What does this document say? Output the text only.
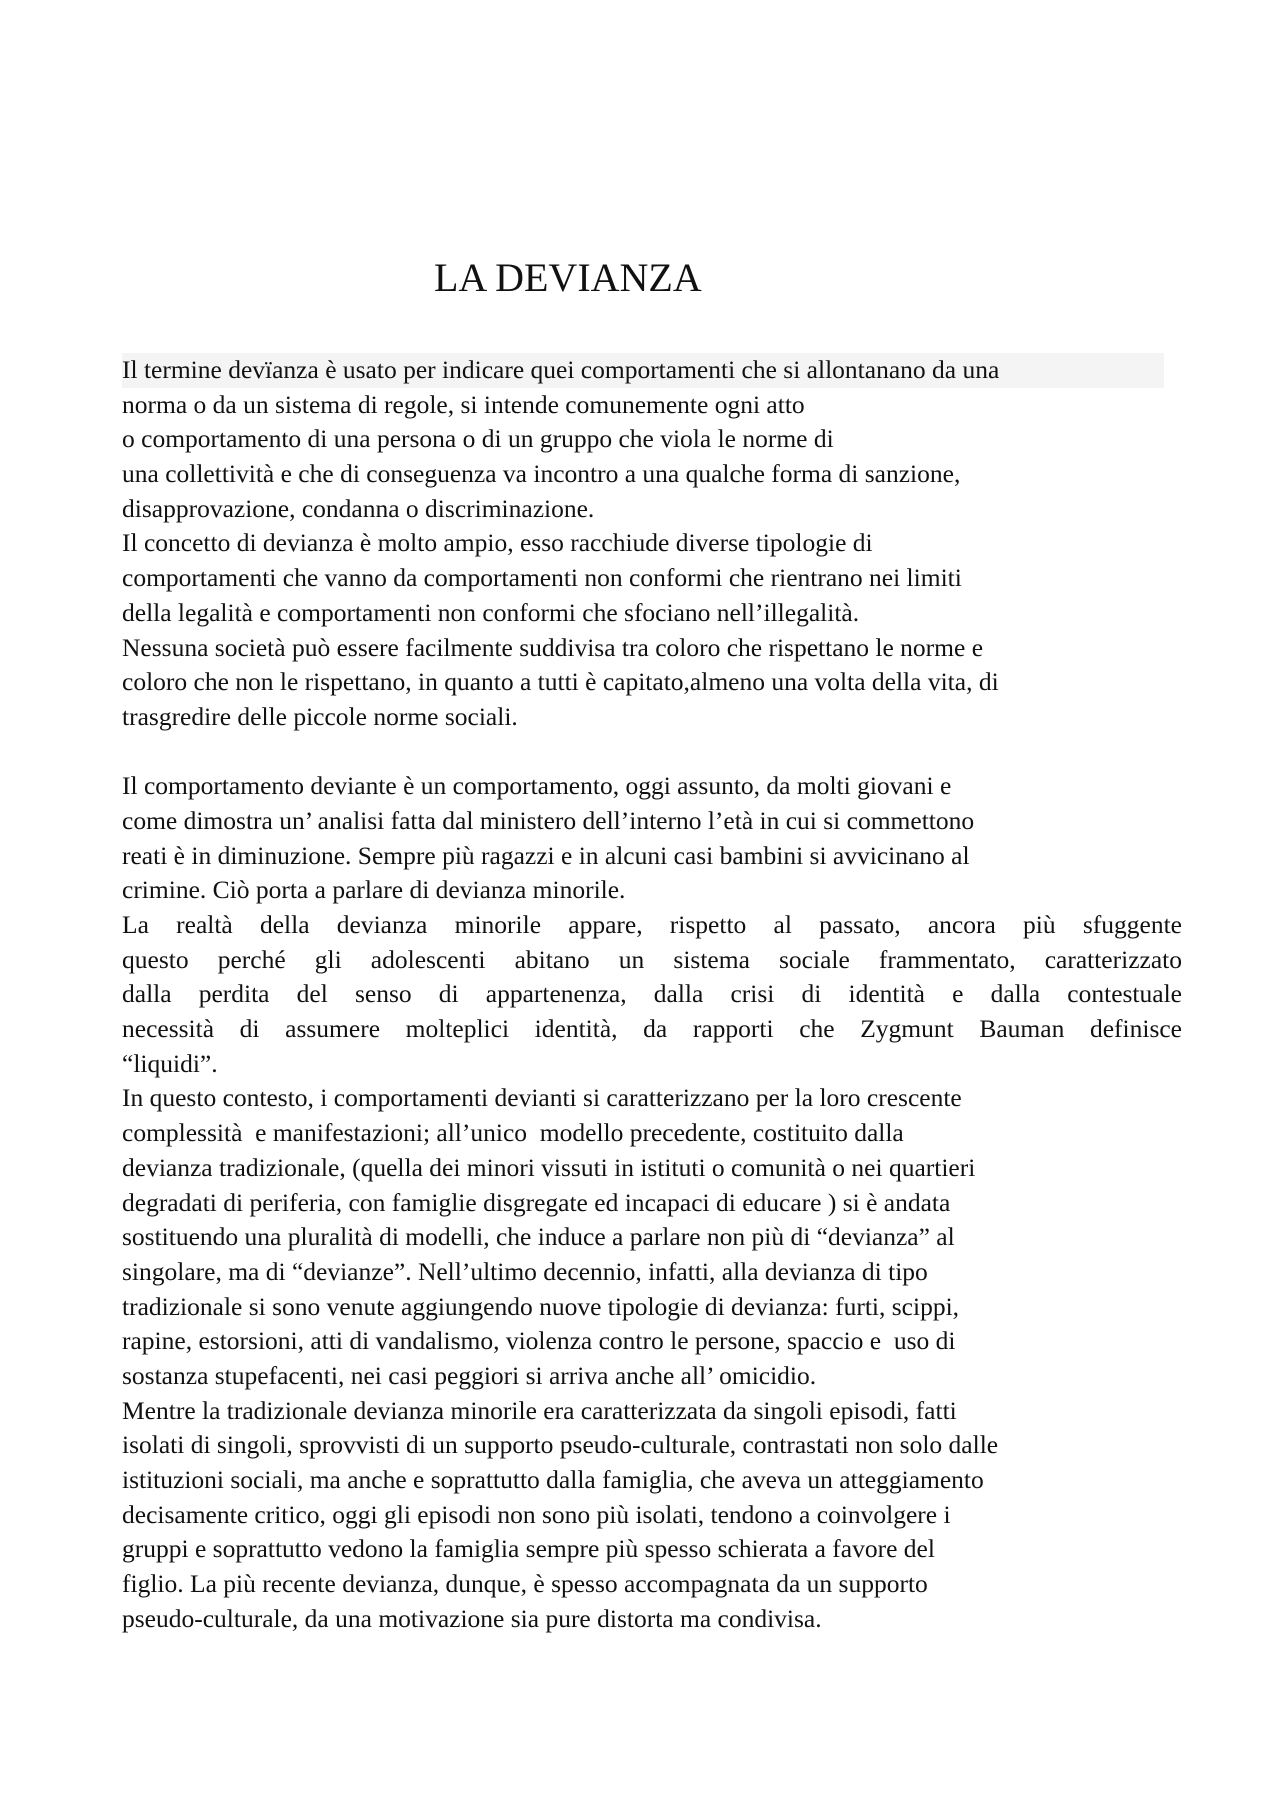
LA DEVIANZA
Il termine devïanza è usato per indicare quei comportamenti che si allontanano da una
norma o da un sistema di regole, si intende comunemente ogni atto
o comportamento di una persona o di un gruppo che viola le norme di
una collettività e che di conseguenza va incontro a una qualche forma di sanzione,
disapprovazione, condanna o discriminazione.
Il concetto di devianza è molto ampio, esso racchiude diverse tipologie di
comportamenti che vanno da comportamenti non conformi che rientrano nei limiti
della legalità e comportamenti non conformi che sfociano nell’illegalità.
Nessuna società può essere facilmente suddivisa tra coloro che rispettano le norme e
coloro che non le rispettano, in quanto a tutti è capitato,almeno una volta della vita, di
trasgredire delle piccole norme sociali.
Il comportamento deviante è un comportamento, oggi assunto, da molti giovani e
come dimostra un’ analisi fatta dal ministero dell’interno l’età in cui si commettono
reati è in diminuzione. Sempre più ragazzi e in alcuni casi bambini si avvicinano al
crimine. Ciò porta a parlare di devianza minorile.
La realtà della devianza minorile appare, rispetto al passato, ancora più sfuggente
questo perché gli adolescenti abitano un sistema sociale frammentato, caratterizzato
dalla perdita del senso di appartenenza, dalla crisi di identità e dalla contestuale
necessità di assumere molteplici identità, da rapporti che Zygmunt Bauman definisce
“liquidi”.
In questo contesto, i comportamenti devianti si caratterizzano per la loro crescente
complessità  e manifestazioni; all’unico  modello precedente, costituito dalla
devianza tradizionale, (quella dei minori vissuti in istituti o comunità o nei quartieri
degradati di periferia, con famiglie disgregate ed incapaci di educare ) si è andata
sostituendo una pluralità di modelli, che induce a parlare non più di “devianza” al
singolare, ma di “devianze”. Nell’ultimo decennio, infatti, alla devianza di tipo
tradizionale si sono venute aggiungendo nuove tipologie di devianza: furti, scippi,
rapine, estorsioni, atti di vandalismo, violenza contro le persone, spaccio e  uso di
sostanza stupefacenti, nei casi peggiori si arriva anche all’ omicidio.
Mentre la tradizionale devianza minorile era caratterizzata da singoli episodi, fatti
isolati di singoli, sprovvisti di un supporto pseudo-culturale, contrastati non solo dalle
istituzioni sociali, ma anche e soprattutto dalla famiglia, che aveva un atteggiamento
decisamente critico, oggi gli episodi non sono più isolati, tendono a coinvolgere i
gruppi e soprattutto vedono la famiglia sempre più spesso schierata a favore del
figlio. La più recente devianza, dunque, è spesso accompagnata da un supporto
pseudo-culturale, da una motivazione sia pure distorta ma condivisa.
